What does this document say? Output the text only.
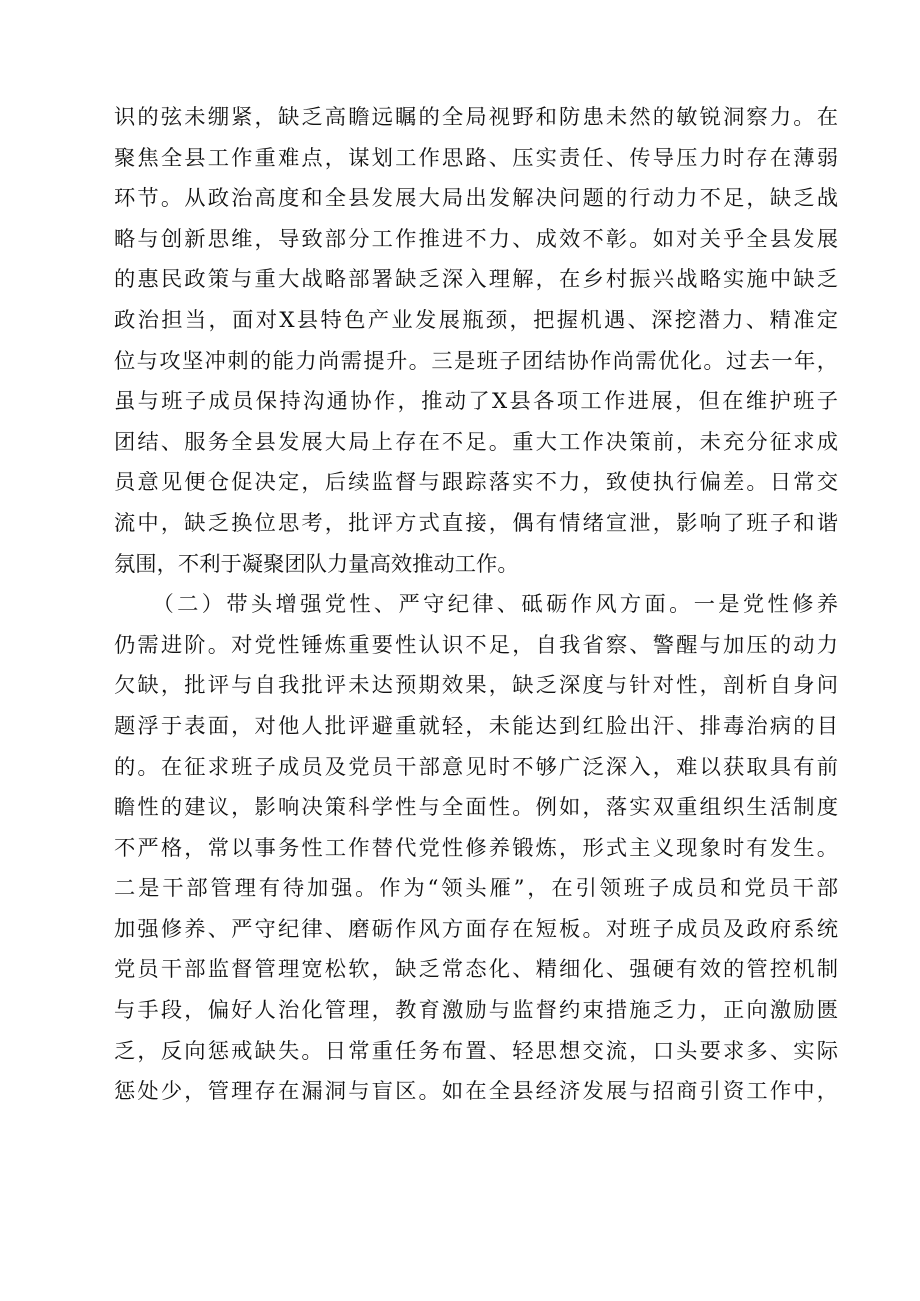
识的弦未绷紧，缺乏高瞻远瞩的全局视野和防患未然的敏锐洞察力。在
聚焦全县工作重难点，谋划工作思路、压实责任、传导压力时存在薄弱
环节。从政治高度和全县发展大局出发解决问题的行动力不足，缺乏战
略与创新思维，导致部分工作推进不力、成效不彰。如对关乎全县发展
的惠民政策与重大战略部署缺乏深入理解，在乡村振兴战略实施中缺乏
政治担当，面对X县特色产业发展瓶颈，把握机遇、深挖潜力、精准定
位与攻坚冲刺的能力尚需提升。三是班子团结协作尚需优化。过去一年，
虽与班子成员保持沟通协作，推动了X县各项工作进展，但在维护班子
团结、服务全县发展大局上存在不足。重大工作决策前，未充分征求成
员意见便仓促决定，后续监督与跟踪落实不力，致使执行偏差。日常交
流中，缺乏换位思考，批评方式直接，偶有情绪宣泄，影响了班子和谐
氛围，不利于凝聚团队力量高效推动工作。
　　（二）带头增强党性、严守纪律、砥砺作风方面。一是党性修养
仍需进阶。对党性锤炼重要性认识不足，自我省察、警醒与加压的动力
欠缺，批评与自我批评未达预期效果，缺乏深度与针对性，剖析自身问
题浮于表面，对他人批评避重就轻，未能达到红脸出汗、排毒治病的目
的。在征求班子成员及党员干部意见时不够广泛深入，难以获取具有前
瞻性的建议，影响决策科学性与全面性。例如，落实双重组织生活制度
不严格，常以事务性工作替代党性修养锻炼，形式主义现象时有发生。
二是干部管理有待加强。作为“领头雁”，在引领班子成员和党员干部
加强修养、严守纪律、磨砺作风方面存在短板。对班子成员及政府系统
党员干部监督管理宽松软，缺乏常态化、精细化、强硬有效的管控机制
与手段，偏好人治化管理，教育激励与监督约束措施乏力，正向激励匮
乏，反向惩戒缺失。日常重任务布置、轻思想交流，口头要求多、实际
惩处少，管理存在漏洞与盲区。如在全县经济发展与招商引资工作中，
